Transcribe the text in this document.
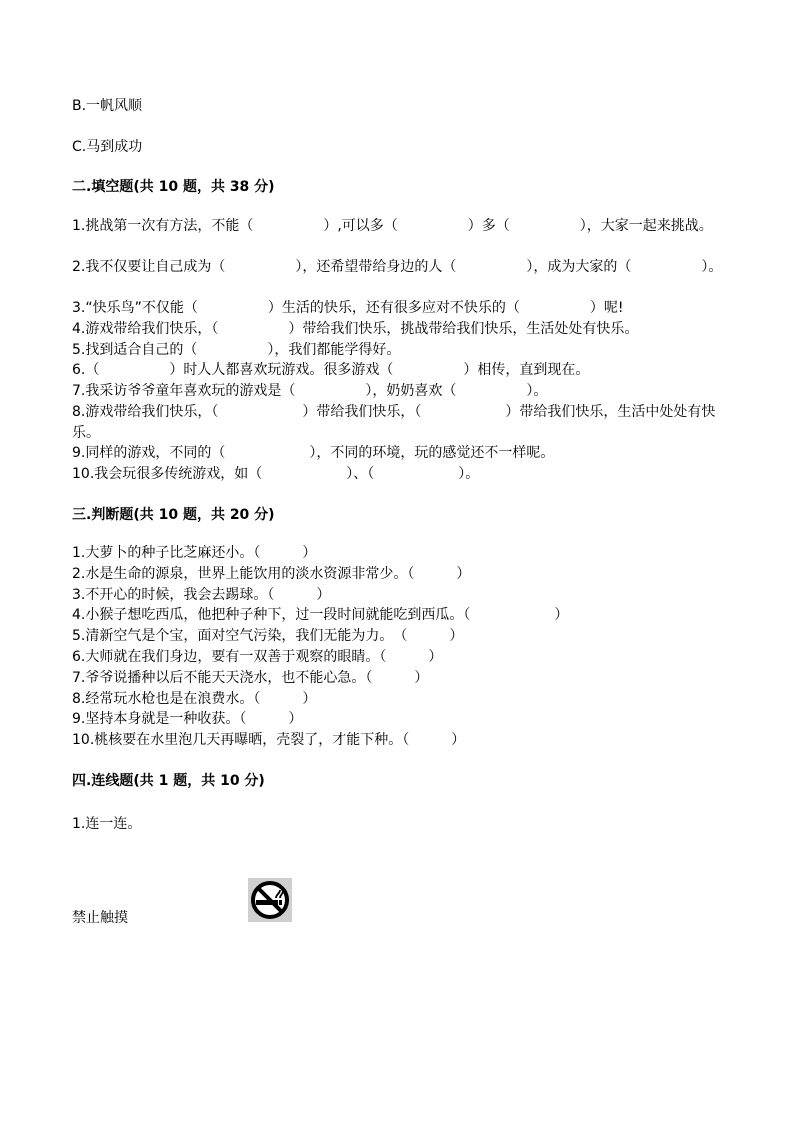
B.一帆风顺
C.马到成功
二.填空题(共 10 题，共 38 分)
1.挑战第一次有方法，不能（　　　　　）,可以多（　　　　　）多（　　　　　），大家一起来挑战。
2.我不仅要让自己成为（　　　　　），还希望带给身边的人（　　　　　），成为大家的（　　　　　）。
3.“快乐鸟”不仅能（　　　　　）生活的快乐，还有很多应对不快乐的（　　　　　）呢!
4.游戏带给我们快乐，（　　　　　）带给我们快乐，挑战带给我们快乐，生活处处有快乐。
5.找到适合自己的（　　　　　），我们都能学得好。
6.（　　　　　）时人人都喜欢玩游戏。很多游戏（　　　　　）相传，直到现在。
7.我采访爷爷童年喜欢玩的游戏是（　　　　　），奶奶喜欢（　　　　　）。
8.游戏带给我们快乐，（　　　　　　）带给我们快乐，（　　　　　　）带给我们快乐，生活中处处有快乐。
9.同样的游戏，不同的（　　　　　　），不同的环境，玩的感觉还不一样呢。
10.我会玩很多传统游戏，如（　　　　　　）、（　　　　　　）。
三.判断题(共 10 题，共 20 分)
1.大萝卜的种子比芝麻还小。（　　　）
2.水是生命的源泉，世界上能饮用的淡水资源非常少。（　　　）
3.不开心的时候，我会去踢球。（　　　）
4.小猴子想吃西瓜，他把种子种下，过一段时间就能吃到西瓜。（　　　　　　）
5.清新空气是个宝，面对空气污染，我们无能为力。　（　　　）
6.大师就在我们身边，要有一双善于观察的眼睛。（　　　）
7.爷爷说播种以后不能天天浇水，也不能心急。（　　　）
8.经常玩水枪也是在浪费水。（　　　）
9.坚持本身就是一种收获。（　　　）
10.桃核要在水里泡几天再曝晒，壳裂了，才能下种。（　　　）
四.连线题(共 1 题，共 10 分)
1.连一连。
禁止触摸
